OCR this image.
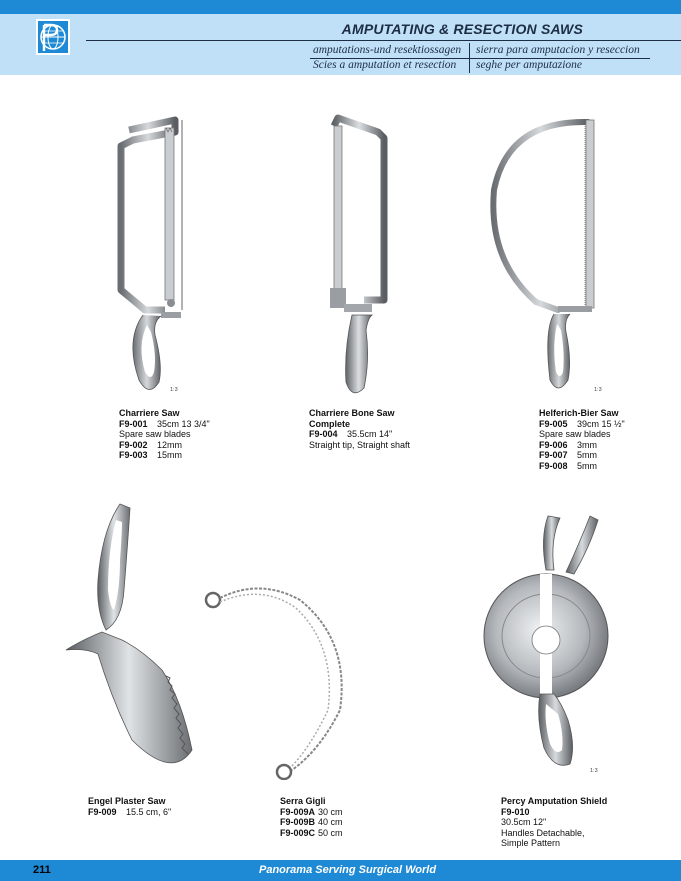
AMPUTATING & RESECTION SAWS
amputations-und resektiossagen sierra para amputacion y reseccion
Scies a amputation et resection seghe per amputazione
1:3	1:3
Charriere Saw
F9-001 35cm 13 3/4"
Spare saw blades
F9-002 12mm
F9-003 15mm
Charriere Bone Saw
Complete
F9-004 35.5cm 14"
Straight tip, Straight shaft
Helferich-Bier Saw
F9-005 39cm 15 ½"
Spare saw blades
F9-006 3mm
F9-007 5mm
F9-008 5mm
Engel Plaster Saw
F9-009 15.5 cm, 6"
Serra Gigli
F9-009A 30 cm
F9-009B 40 cm
F9-009C 50 cm
1:3
Percy Amputation Shield
F9-010
30.5cm 12"
Handles Detachable,
Simple Pattern
211	Panorama Serving Surgical World
